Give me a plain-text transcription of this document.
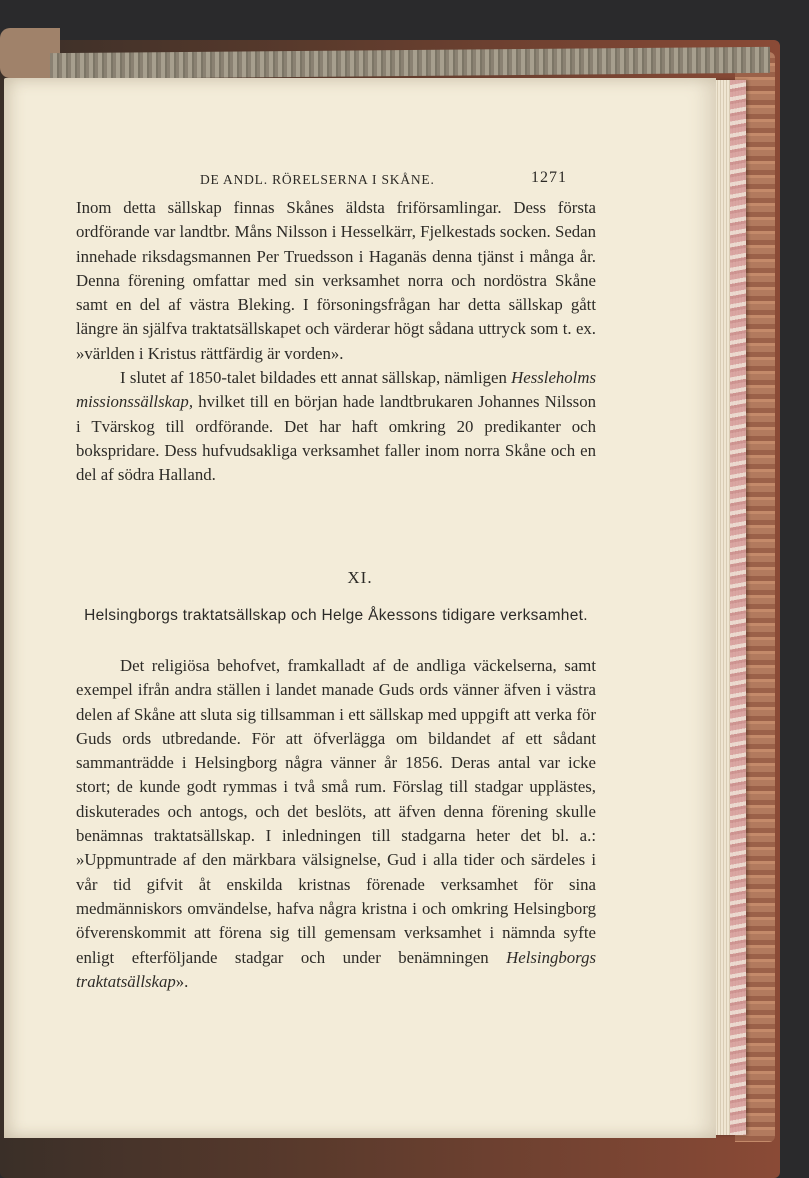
DE ANDL. RÖRELSERNA I SKÅNE.	1271

Inom detta sällskap finnas Skånes äldsta friförsamlingar. Dess första ordförande var landtbr. Måns Nilsson i Hesselkärr, Fjelkestads socken. Sedan innehade riksdagsmannen Per Truedsson i Haganäs denna tjänst i många år. Denna förening omfattar med sin verksamhet norra och nordöstra Skåne samt en del af västra Bleking. I försoningsfrågan har detta sällskap gått längre än själfva traktatsällskapet och värderar högt sådana uttryck som t. ex. »världen i Kristus rättfärdig är vorden».

I slutet af 1850-talet bildades ett annat sällskap, nämligen Hessleholms missionssällskap, hvilket till en början hade landtbrukaren Johannes Nilsson i Tvärskog till ordförande. Det har haft omkring 20 predikanter och bokspridare. Dess hufvudsakliga verksamhet faller inom norra Skåne och en del af södra Halland.

XI.
Helsingborgs traktatsällskap och Helge Åkessons tidigare verksamhet.

Det religiösa behofvet, framkalladt af de andliga väckelserna, samt exempel ifrån andra ställen i landet manade Guds ords vänner äfven i västra delen af Skåne att sluta sig tillsamman i ett sällskap med uppgift att verka för Guds ords utbredande. För att öfverlägga om bildandet af ett sådant sammanträdde i Helsingborg några vänner år 1856. Deras antal var icke stort; de kunde godt rymmas i två små rum. Förslag till stadgar upplästes, diskuterades och antogs, och det beslöts, att äfven denna förening skulle benämnas traktatsällskap. I inledningen till stadgarna heter det bl. a.: »Uppmuntrade af den märkbara välsignelse, Gud i alla tider och särdeles i vår tid gifvit åt enskilda kristnas förenade verksamhet för sina medmänniskors omvändelse, hafva några kristna i och omkring Helsingborg öfverenskommit att förena sig till gemensam verksamhet i nämnda syfte enligt efterföljande stadgar och under benämningen Helsingborgs traktatsällskap».
